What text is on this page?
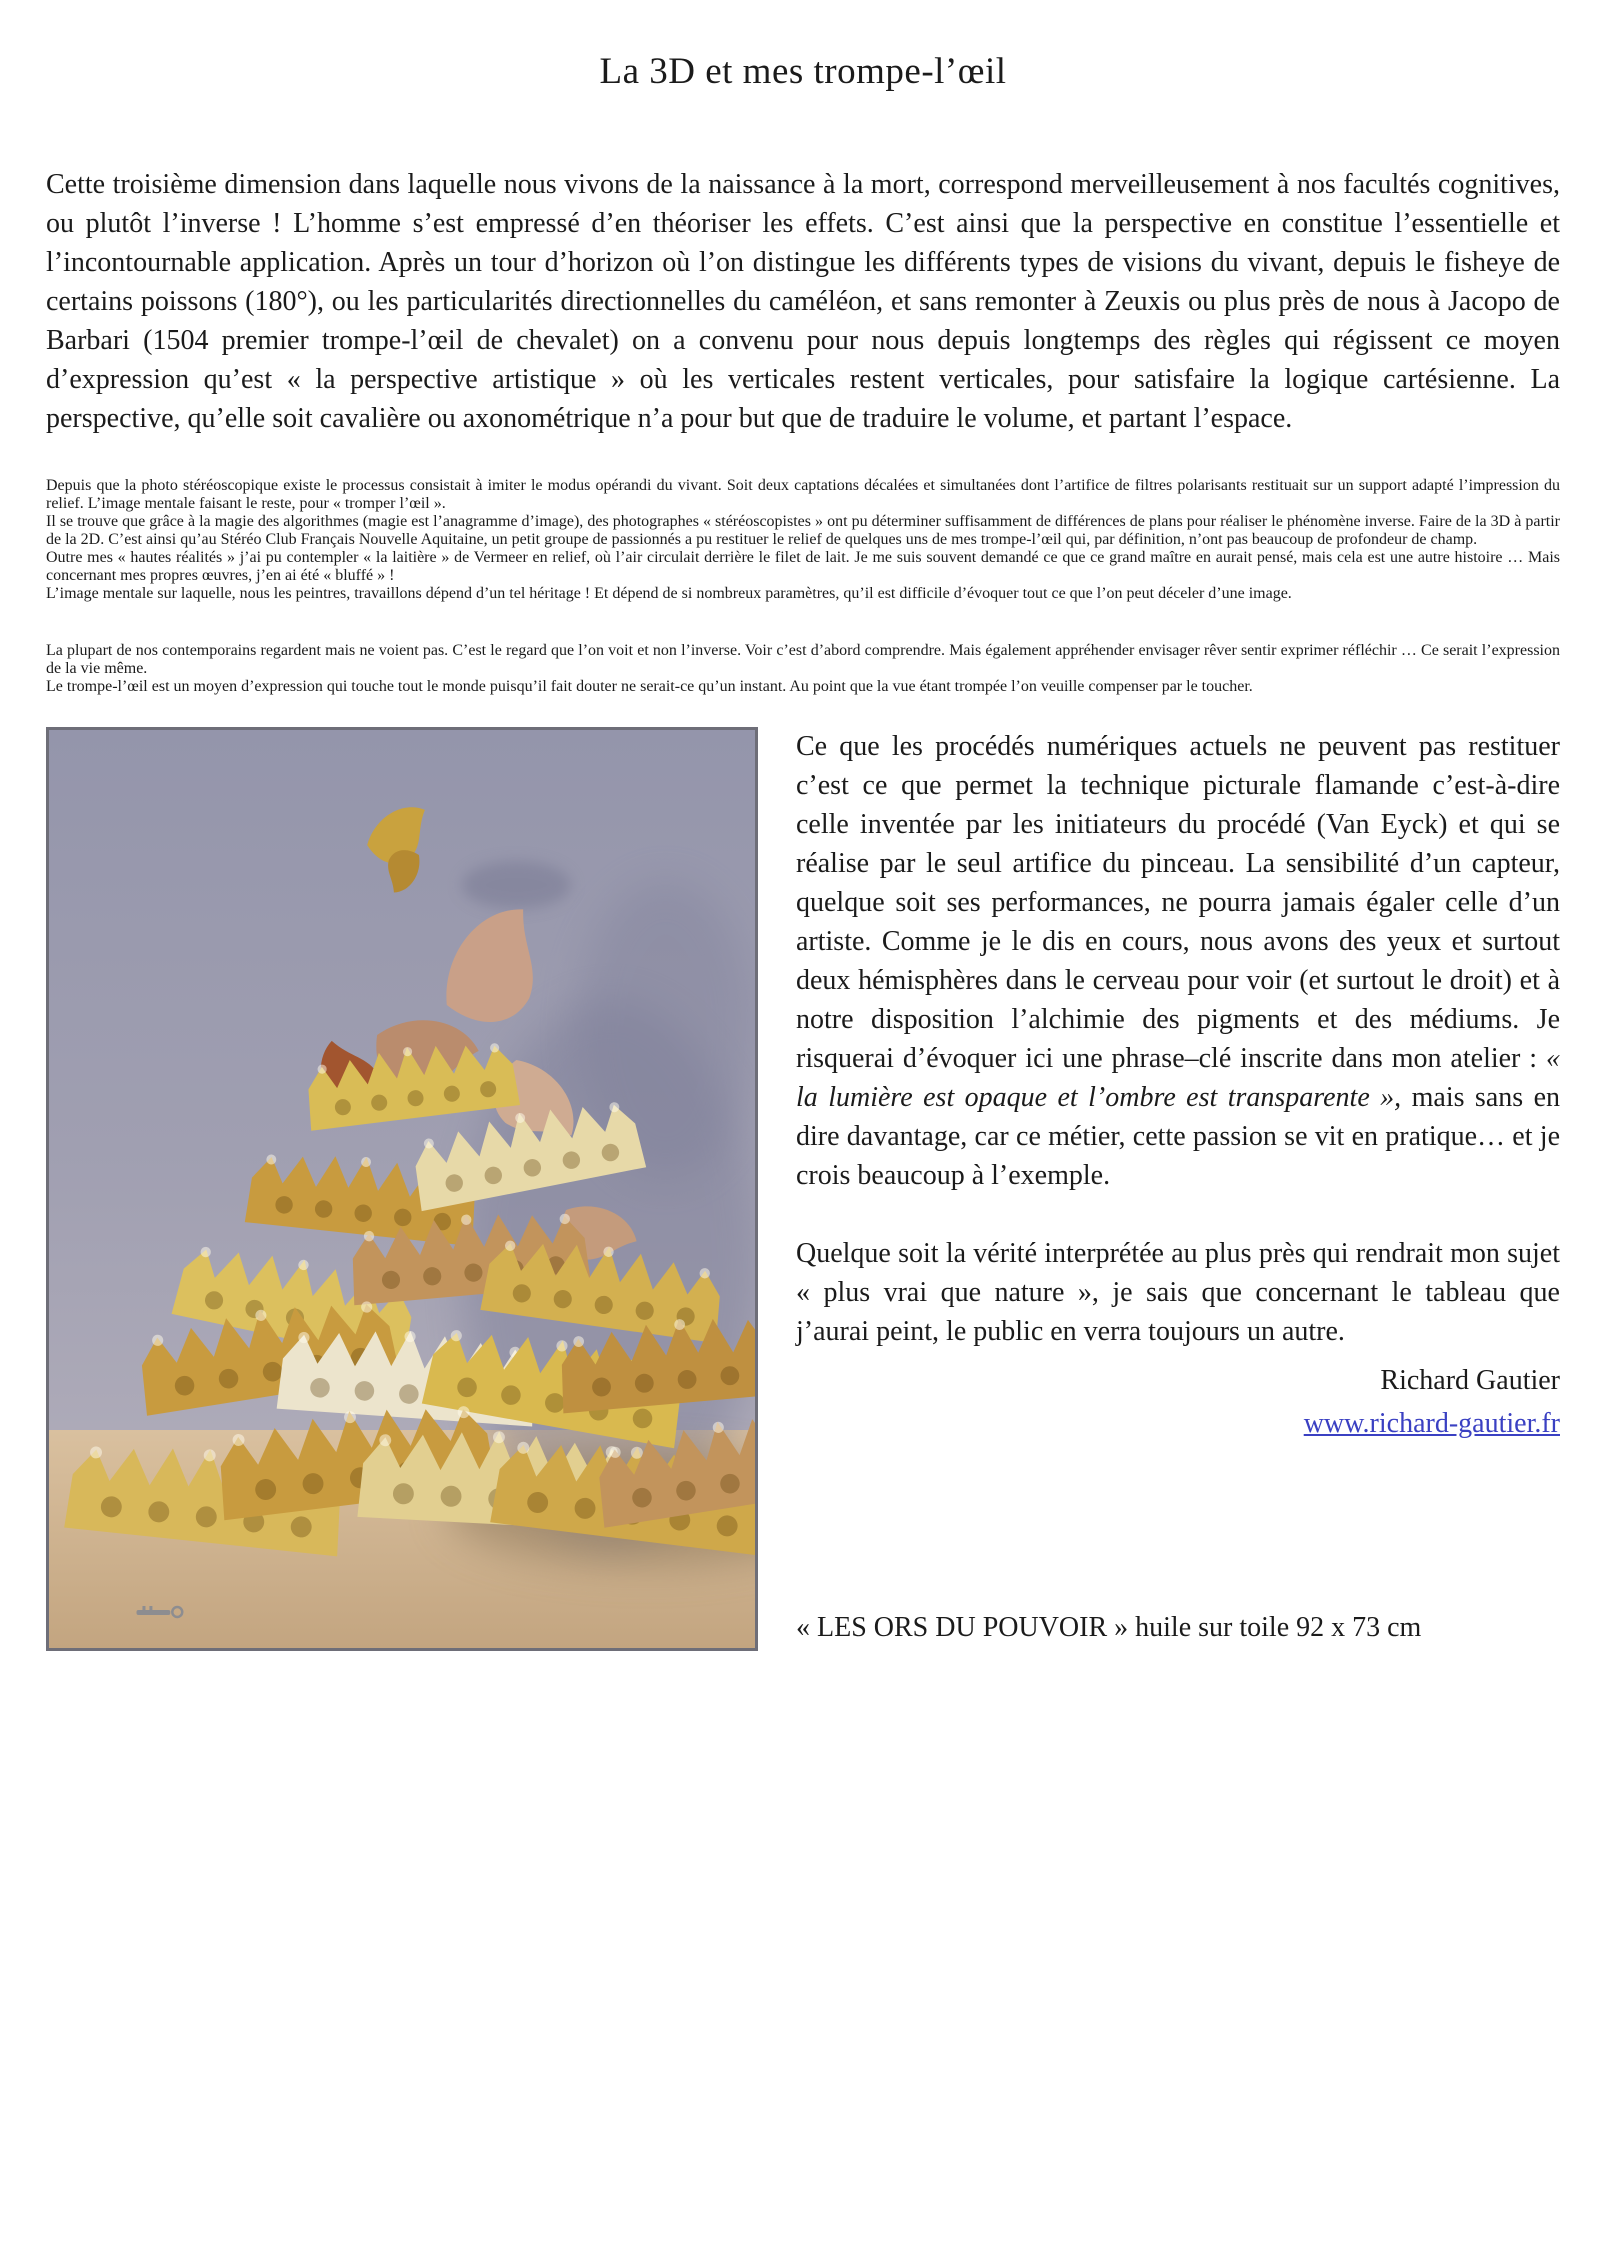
La 3D et mes trompe-l’œil

Cette troisième dimension dans laquelle nous vivons de la naissance à la mort, correspond merveilleusement à nos facultés cognitives, ou plutôt l’inverse ! L’homme s’est empressé d’en théoriser les effets. C’est ainsi que la perspective en constitue l’essentielle et l’incontournable application. Après un tour d’horizon où l’on distingue les différents types de visions du vivant, depuis le fisheye de certains poissons (180°), ou les particularités directionnelles du caméléon, et sans remonter à Zeuxis ou plus près de nous à Jacopo de Barbari (1504 premier trompe-l’œil de chevalet) on a convenu pour nous depuis longtemps des règles qui régissent ce moyen d’expression qu’est « la perspective artistique » où les verticales restent verticales, pour satisfaire la logique cartésienne. La perspective, qu’elle soit cavalière ou axonométrique n’a pour but que de traduire le volume, et partant l’espace.

Depuis que la photo stéréoscopique existe le processus consistait à imiter le modus opérandi du vivant. Soit deux captations décalées et simultanées dont l’artifice de filtres polarisants restituait sur un support adapté l’impression du relief. L’image mentale faisant le reste, pour « tromper l’œil ».

Il se trouve que grâce à la magie des algorithmes (magie est l’anagramme d’image), des photographes « stéréoscopistes » ont pu déterminer suffisamment de différences de plans pour réaliser le phénomène inverse. Faire de la 3D à partir de la 2D. C’est ainsi qu’au Stéréo Club Français Nouvelle Aquitaine, un petit groupe de passionnés a pu restituer le relief de quelques uns de mes trompe-l’œil qui, par définition, n’ont pas beaucoup de profondeur de champ.

Outre mes « hautes réalités » j’ai pu contempler « la laitière » de Vermeer en relief, où l’air circulait derrière le filet de lait. Je me suis souvent demandé ce que ce grand maître en aurait pensé, mais cela est une autre histoire … Mais concernant mes propres œuvres, j’en ai été « bluffé » !

L’image mentale sur laquelle, nous les peintres, travaillons dépend d’un tel héritage ! Et dépend de si nombreux paramètres, qu’il est difficile d’évoquer tout ce que l’on peut déceler d’une image.

La plupart de nos contemporains regardent mais ne voient pas. C’est le regard que l’on voit et non l’inverse. Voir c’est d’abord comprendre. Mais également appréhender envisager rêver sentir exprimer réfléchir … Ce serait l’expression de la vie même.

Le trompe-l’œil est un moyen d’expression qui touche tout le monde puisqu’il fait douter ne serait-ce qu’un instant. Au point que la vue étant trompée l’on veuille compenser par le toucher.

Ce que les procédés numériques actuels ne peuvent pas restituer c’est ce que permet la technique picturale flamande c’est-à-dire celle inventée par les initiateurs du procédé (Van Eyck) et qui se réalise par le seul artifice du pinceau. La sensibilité d’un capteur, quelque soit ses performances, ne pourra jamais égaler celle d’un artiste. Comme je le dis en cours, nous avons des yeux et surtout deux hémisphères dans le cerveau pour voir (et surtout le droit) et à notre disposition l’alchimie des pigments et des médiums. Je risquerai d’évoquer ici une phrase–clé inscrite dans mon atelier : « la lumière est opaque et l’ombre est transparente », mais sans en dire davantage, car ce métier, cette passion se vit en pratique… et je crois beaucoup à l’exemple.

Quelque soit la vérité interprétée au plus près qui rendrait mon sujet « plus vrai que nature », je sais que concernant le tableau que j’aurai peint, le public en verra toujours un autre.

Richard Gautier
www.richard-gautier.fr
« LES ORS DU POUVOIR » huile sur toile 92 x 73 cm
